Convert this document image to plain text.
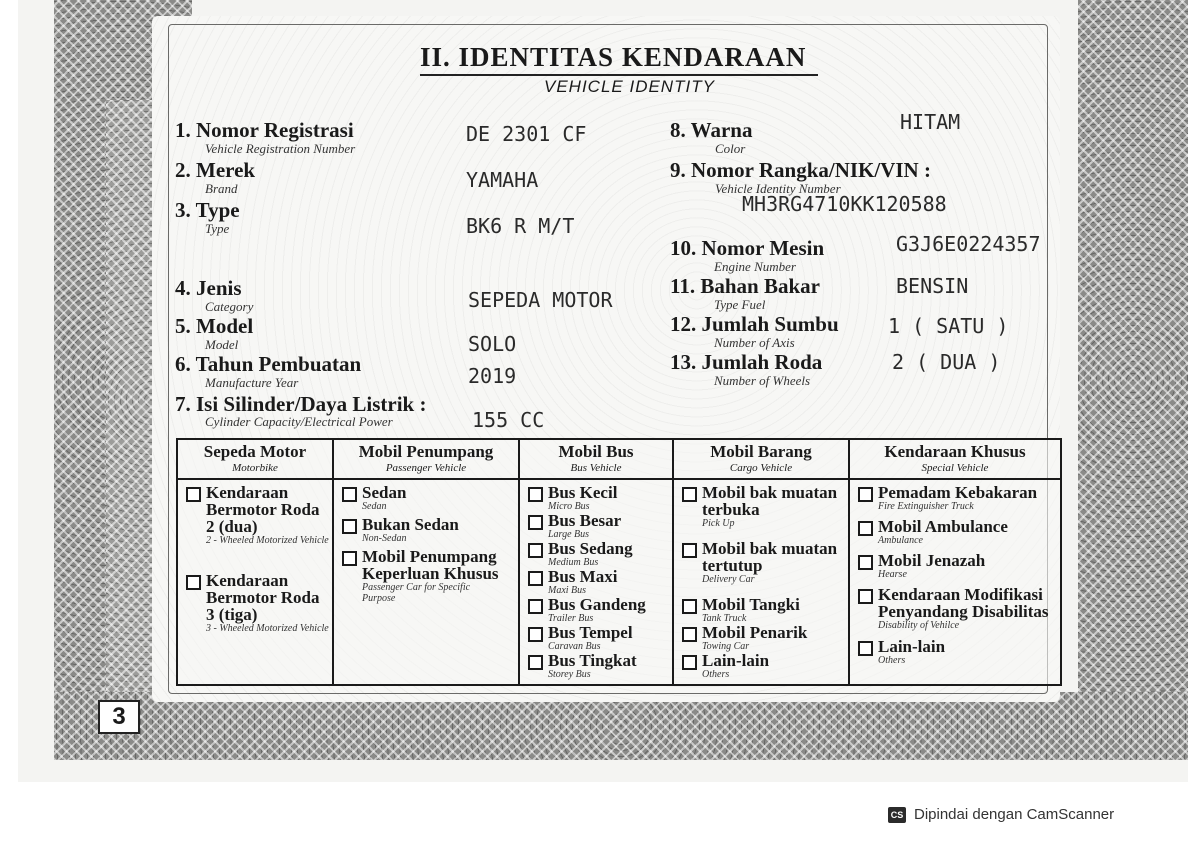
3
II. IDENTITAS KENDARAAN
VEHICLE IDENTITY
1. Nomor Registrasi
Vehicle Registration Number
DE 2301 CF
2. Merek
Brand	YAMAHA
3. Type
Type	BK6 R M/T
4. Jenis
Category	SEPEDA MOTOR
5. Model
Model	SOLO
6. Tahun Pembuatan
Manufacture Year	2019
7. Isi Silinder/Daya Listrik :
Cylinder Capacity/Electrical Power	155 CC
8. Warna
Color
HITAM
9. Nomor Rangka/NIK/VIN :
Vehicle Identity Number
MH3RG4710KK120588
10. Nomor Mesin
Engine Number
G3J6E0224357
11. Bahan Bakar
Type Fuel
BENSIN
12. Jumlah Sumbu
Number of Axis
1 ( SATU )
13. Jumlah Roda
Number of Wheels
2 ( DUA )
Sepeda Motor
Motorbike
Kendaraan Bermotor Roda 2 (dua)
2 - Wheeled Motorized Vehicle
Kendaraan Bermotor Roda 3 (tiga)
3 - Wheeled Motorized Vehicle
Mobil Penumpang
Passenger Vehicle
Sedan
Sedan
Bukan Sedan
Non-Sedan
Mobil Penumpang Keperluan Khusus
Passenger Car for Specific Purpose
Mobil Bus
Bus Vehicle
Bus Kecil
Micro Bus
Bus Besar
Large Bus
Bus Sedang
Medium Bus
Bus Maxi
Maxi Bus
Bus Gandeng
Trailer Bus
Bus Tempel
Caravan Bus
Bus Tingkat
Storey Bus
Mobil Barang
Cargo Vehicle
Mobil bak muatan terbuka
Pick Up
Mobil bak muatan tertutup
Delivery Car
Mobil Tangki
Tank Truck
Mobil Penarik
Towing Car
Lain-lain
Others
Kendaraan Khusus
Special Vehicle
Pemadam Kebakaran
Fire Extinguisher Truck
Mobil Ambulance
Ambulance
Mobil Jenazah
Hearse
Kendaraan Modifikasi Penyandang Disabilitas
Disability of Vehilce
Lain-lain
Others
CS Dipindai dengan CamScanner
